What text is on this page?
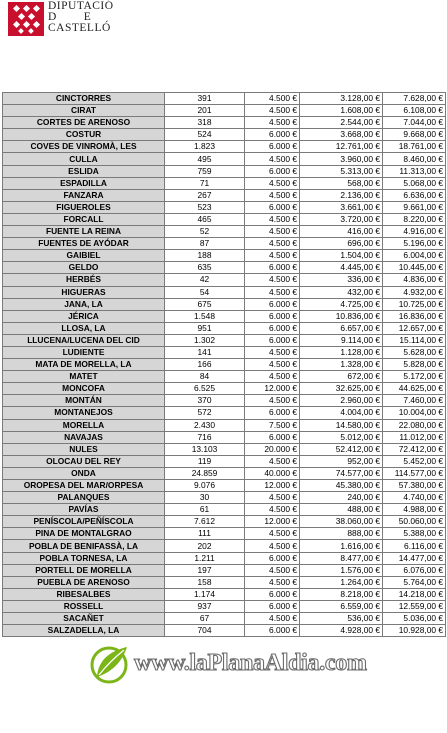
DIPUTACIÓ
D        E
CASTELLÓ
CINCTORRES	391	4.500 €	3.128,00 €	7.628,00 €
CIRAT	201	4.500 €	1.608,00 €	6.108,00 €
CORTES DE ARENOSO	318	4.500 €	2.544,00 €	7.044,00 €
COSTUR	524	6.000 €	3.668,00 €	9.668,00 €
COVES DE VINROMÀ, LES	1.823	6.000 €	12.761,00 €	18.761,00 €
CULLA	495	4.500 €	3.960,00 €	8.460,00 €
ESLIDA	759	6.000 €	5.313,00 €	11.313,00 €
ESPADILLA	71	4.500 €	568,00 €	5.068,00 €
FANZARA	267	4.500 €	2.136,00 €	6.636,00 €
FIGUEROLES	523	6.000 €	3.661,00 €	9.661,00 €
FORCALL	465	4.500 €	3.720,00 €	8.220,00 €
FUENTE LA REINA	52	4.500 €	416,00 €	4.916,00 €
FUENTES DE AYÓDAR	87	4.500 €	696,00 €	5.196,00 €
GAIBIEL	188	4.500 €	1.504,00 €	6.004,00 €
GELDO	635	6.000 €	4.445,00 €	10.445,00 €
HERBÉS	42	4.500 €	336,00 €	4.836,00 €
HIGUERAS	54	4.500 €	432,00 €	4.932,00 €
JANA, LA	675	6.000 €	4.725,00 €	10.725,00 €
JÉRICA	1.548	6.000 €	10.836,00 €	16.836,00 €
LLOSA, LA	951	6.000 €	6.657,00 €	12.657,00 €
LLUCENA/LUCENA DEL CID	1.302	6.000 €	9.114,00 €	15.114,00 €
LUDIENTE	141	4.500 €	1.128,00 €	5.628,00 €
MATA DE MORELLA, LA	166	4.500 €	1.328,00 €	5.828,00 €
MATET	84	4.500 €	672,00 €	5.172,00 €
MONCOFA	6.525	12.000 €	32.625,00 €	44.625,00 €
MONTÁN	370	4.500 €	2.960,00 €	7.460,00 €
MONTANEJOS	572	6.000 €	4.004,00 €	10.004,00 €
MORELLA	2.430	7.500 €	14.580,00 €	22.080,00 €
NAVAJAS	716	6.000 €	5.012,00 €	11.012,00 €
NULES	13.103	20.000 €	52.412,00 €	72.412,00 €
OLOCAU DEL REY	119	4.500 €	952,00 €	5.452,00 €
ONDA	24.859	40.000 €	74.577,00 €	114.577,00 €
OROPESA DEL MAR/ORPESA	9.076	12.000 €	45.380,00 €	57.380,00 €
PALANQUES	30	4.500 €	240,00 €	4.740,00 €
PAVÍAS	61	4.500 €	488,00 €	4.988,00 €
PENÍSCOLA/PEÑÍSCOLA	7.612	12.000 €	38.060,00 €	50.060,00 €
PINA DE MONTALGRAO	111	4.500 €	888,00 €	5.388,00 €
POBLA DE BENIFASSÀ, LA	202	4.500 €	1.616,00 €	6.116,00 €
POBLA TORNESA, LA	1.211	6.000 €	8.477,00 €	14.477,00 €
PORTELL DE MORELLA	197	4.500 €	1.576,00 €	6.076,00 €
PUEBLA DE ARENOSO	158	4.500 €	1.264,00 €	5.764,00 €
RIBESALBES	1.174	6.000 €	8.218,00 €	14.218,00 €
ROSSELL	937	6.000 €	6.559,00 €	12.559,00 €
SACAÑET	67	4.500 €	536,00 €	5.036,00 €
SALZADELLA, LA	704	6.000 €	4.928,00 €	10.928,00 €
www.laPlanaAldia.com
